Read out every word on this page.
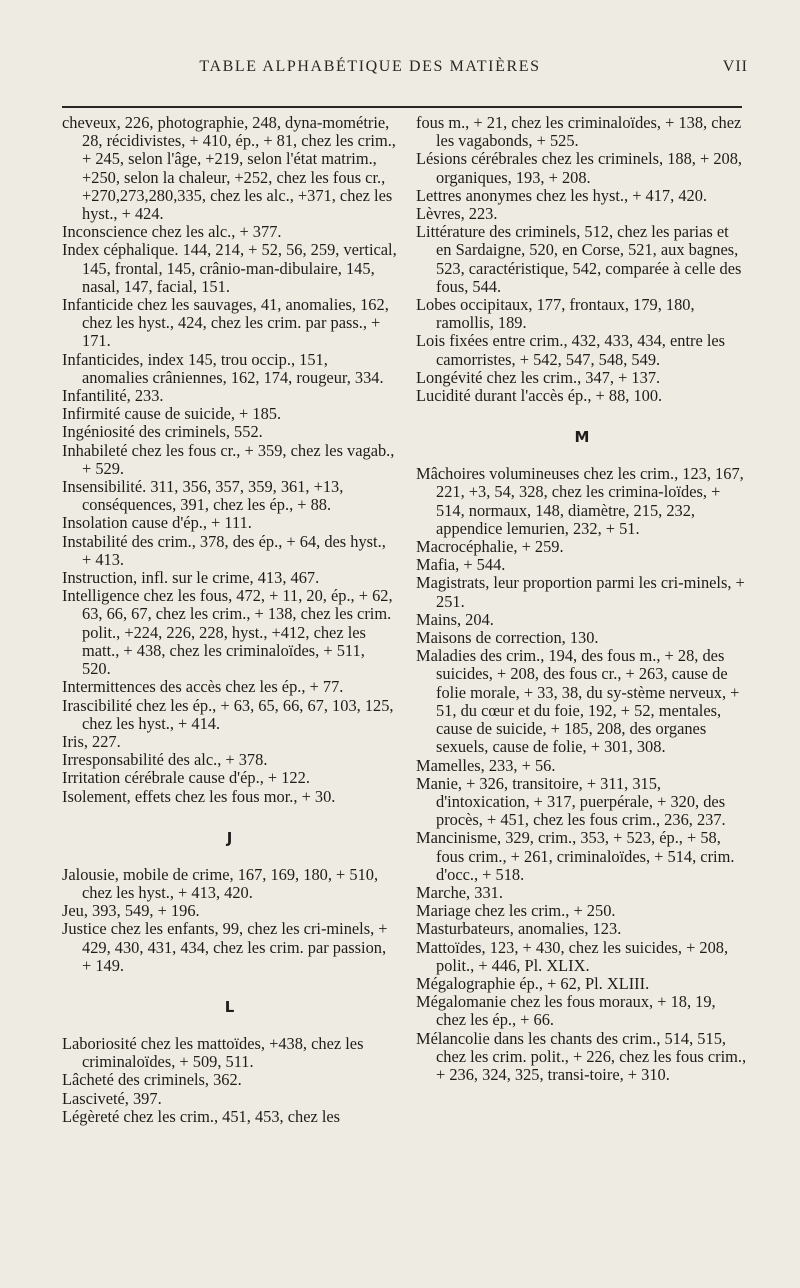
TABLE ALPHABÉTIQUE DES MATIÈRES	VII

cheveux, 226, photographie, 248, dyna-mométrie, 28, récidivistes, + 410, ép., + 81, chez les crim., + 245, selon l'âge, +219, selon l'état matrim., +250, selon la chaleur, +252, chez les fous cr., +270,273,280,335, chez les alc., +371, chez les hyst., + 424.

Inconscience chez les alc., + 377.

Index céphalique. 144, 214, + 52, 56, 259, vertical, 145, frontal, 145, crânio-man-dibulaire, 145, nasal, 147, facial, 151.

Infanticide chez les sauvages, 41, anomalies, 162, chez les hyst., 424, chez les crim. par pass., + 171.

Infanticides, index 145, trou occip., 151, anomalies crâniennes, 162, 174, rougeur, 334.

Infantilité, 233.

Infirmité cause de suicide, + 185.

Ingéniosité des criminels, 552.

Inhabileté chez les fous cr., + 359, chez les vagab., + 529.

Insensibilité. 311, 356, 357, 359, 361, +13, conséquences, 391, chez les ép., + 88.

Insolation cause d'ép., + 111.

Instabilité des crim., 378, des ép., + 64, des hyst., + 413.

Instruction, infl. sur le crime, 413, 467.

Intelligence chez les fous, 472, + 11, 20, ép., + 62, 63, 66, 67, chez les crim., + 138, chez les crim. polit., +224, 226, 228, hyst., +412, chez les matt., + 438, chez les criminaloïdes, + 511, 520.

Intermittences des accès chez les ép., + 77.

Irascibilité chez les ép., + 63, 65, 66, 67, 103, 125, chez les hyst., + 414.

Iris, 227.

Irresponsabilité des alc., + 378.

Irritation cérébrale cause d'ép., + 122.

Isolement, effets chez les fous mor., + 30.

J

Jalousie, mobile de crime, 167, 169, 180, + 510, chez les hyst., + 413, 420.

Jeu, 393, 549, + 196.

Justice chez les enfants, 99, chez les cri-minels, + 429, 430, 431, 434, chez les crim. par passion, + 149.

L

Laboriosité chez les mattoïdes, +438, chez les criminaloïdes, + 509, 511.

Lâcheté des criminels, 362.

Lasciveté, 397.

Légèreté chez les crim., 451, 453, chez les

fous m., + 21, chez les criminaloïdes, + 138, chez les vagabonds, + 525.

Lésions cérébrales chez les criminels, 188, + 208, organiques, 193, + 208.

Lettres anonymes chez les hyst., + 417, 420.

Lèvres, 223.

Littérature des criminels, 512, chez les parias et en Sardaigne, 520, en Corse, 521, aux bagnes, 523, caractéristique, 542, comparée à celle des fous, 544.

Lobes occipitaux, 177, frontaux, 179, 180, ramollis, 189.

Lois fixées entre crim., 432, 433, 434, entre les camorristes, + 542, 547, 548, 549.

Longévité chez les crim., 347, + 137.

Lucidité durant l'accès ép., + 88, 100.

M

Mâchoires volumineuses chez les crim., 123, 167, 221, +3, 54, 328, chez les crimina-loïdes, + 514, normaux, 148, diamètre, 215, 232, appendice lemurien, 232, + 51.

Macrocéphalie, + 259.

Mafia, + 544.

Magistrats, leur proportion parmi les cri-minels, + 251.

Mains, 204.

Maisons de correction, 130.

Maladies des crim., 194, des fous m., + 28, des suicides, + 208, des fous cr., + 263, cause de folie morale, + 33, 38, du sy-stème nerveux, + 51, du cœur et du foie, 192, + 52, mentales, cause de suicide, + 185, 208, des organes sexuels, cause de folie, + 301, 308.

Mamelles, 233, + 56.

Manie, + 326, transitoire, + 311, 315, d'intoxication, + 317, puerpérale, + 320, des procès, + 451, chez les fous crim., 236, 237.

Mancinisme, 329, crim., 353, + 523, ép., + 58, fous crim., + 261, criminaloïdes, + 514, crim. d'occ., + 518.

Marche, 331.

Mariage chez les crim., + 250.

Masturbateurs, anomalies, 123.

Mattoïdes, 123, + 430, chez les suicides, + 208, polit., + 446, Pl. XLIX.

Mégalographie ép., + 62, Pl. XLIII.

Mégalomanie chez les fous moraux, + 18, 19, chez les ép., + 66.

Mélancolie dans les chants des crim., 514, 515, chez les crim. polit., + 226, chez les fous crim., + 236, 324, 325, transi-toire, + 310.
